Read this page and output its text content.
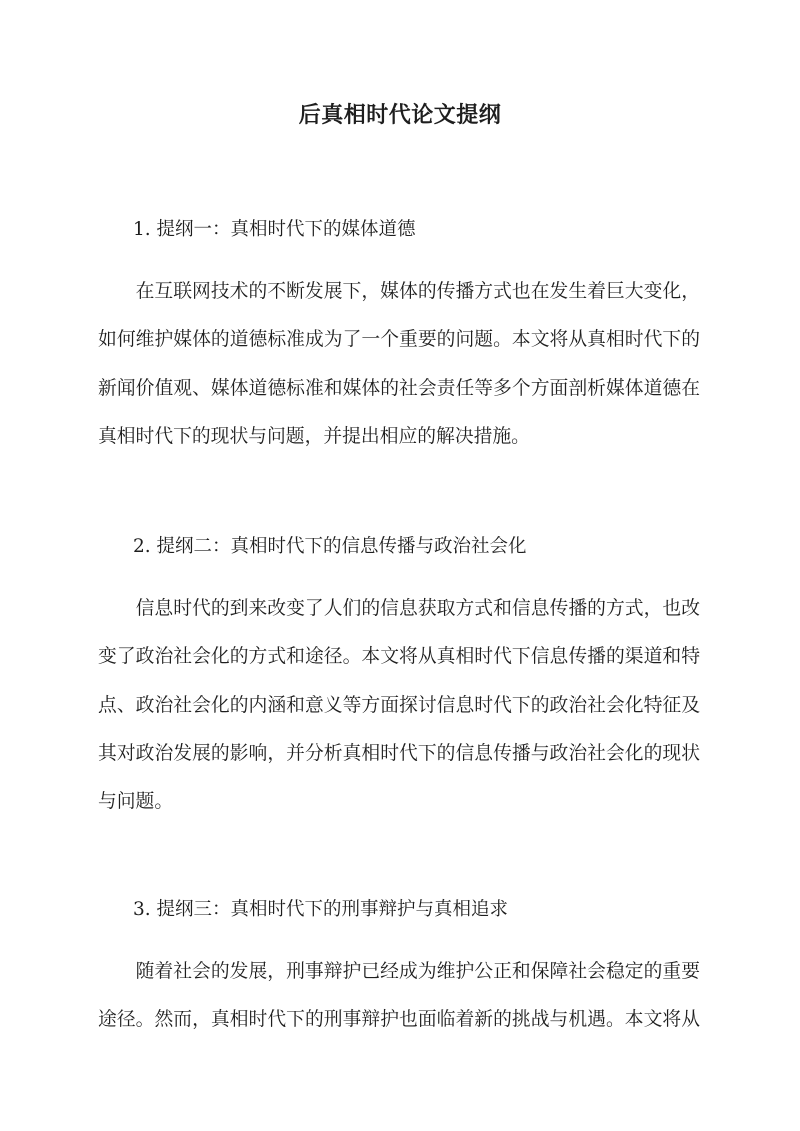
后真相时代论文提纲
1. 提纲一：真相时代下的媒体道德
在互联网技术的不断发展下，媒体的传播方式也在发生着巨大变化，
如何维护媒体的道德标准成为了一个重要的问题。本文将从真相时代下的
新闻价值观、媒体道德标准和媒体的社会责任等多个方面剖析媒体道德在
真相时代下的现状与问题，并提出相应的解决措施。
2. 提纲二：真相时代下的信息传播与政治社会化
信息时代的到来改变了人们的信息获取方式和信息传播的方式，也改
变了政治社会化的方式和途径。本文将从真相时代下信息传播的渠道和特
点、政治社会化的内涵和意义等方面探讨信息时代下的政治社会化特征及
其对政治发展的影响，并分析真相时代下的信息传播与政治社会化的现状
与问题。
3. 提纲三：真相时代下的刑事辩护与真相追求
随着社会的发展，刑事辩护已经成为维护公正和保障社会稳定的重要
途径。然而，真相时代下的刑事辩护也面临着新的挑战与机遇。本文将从
